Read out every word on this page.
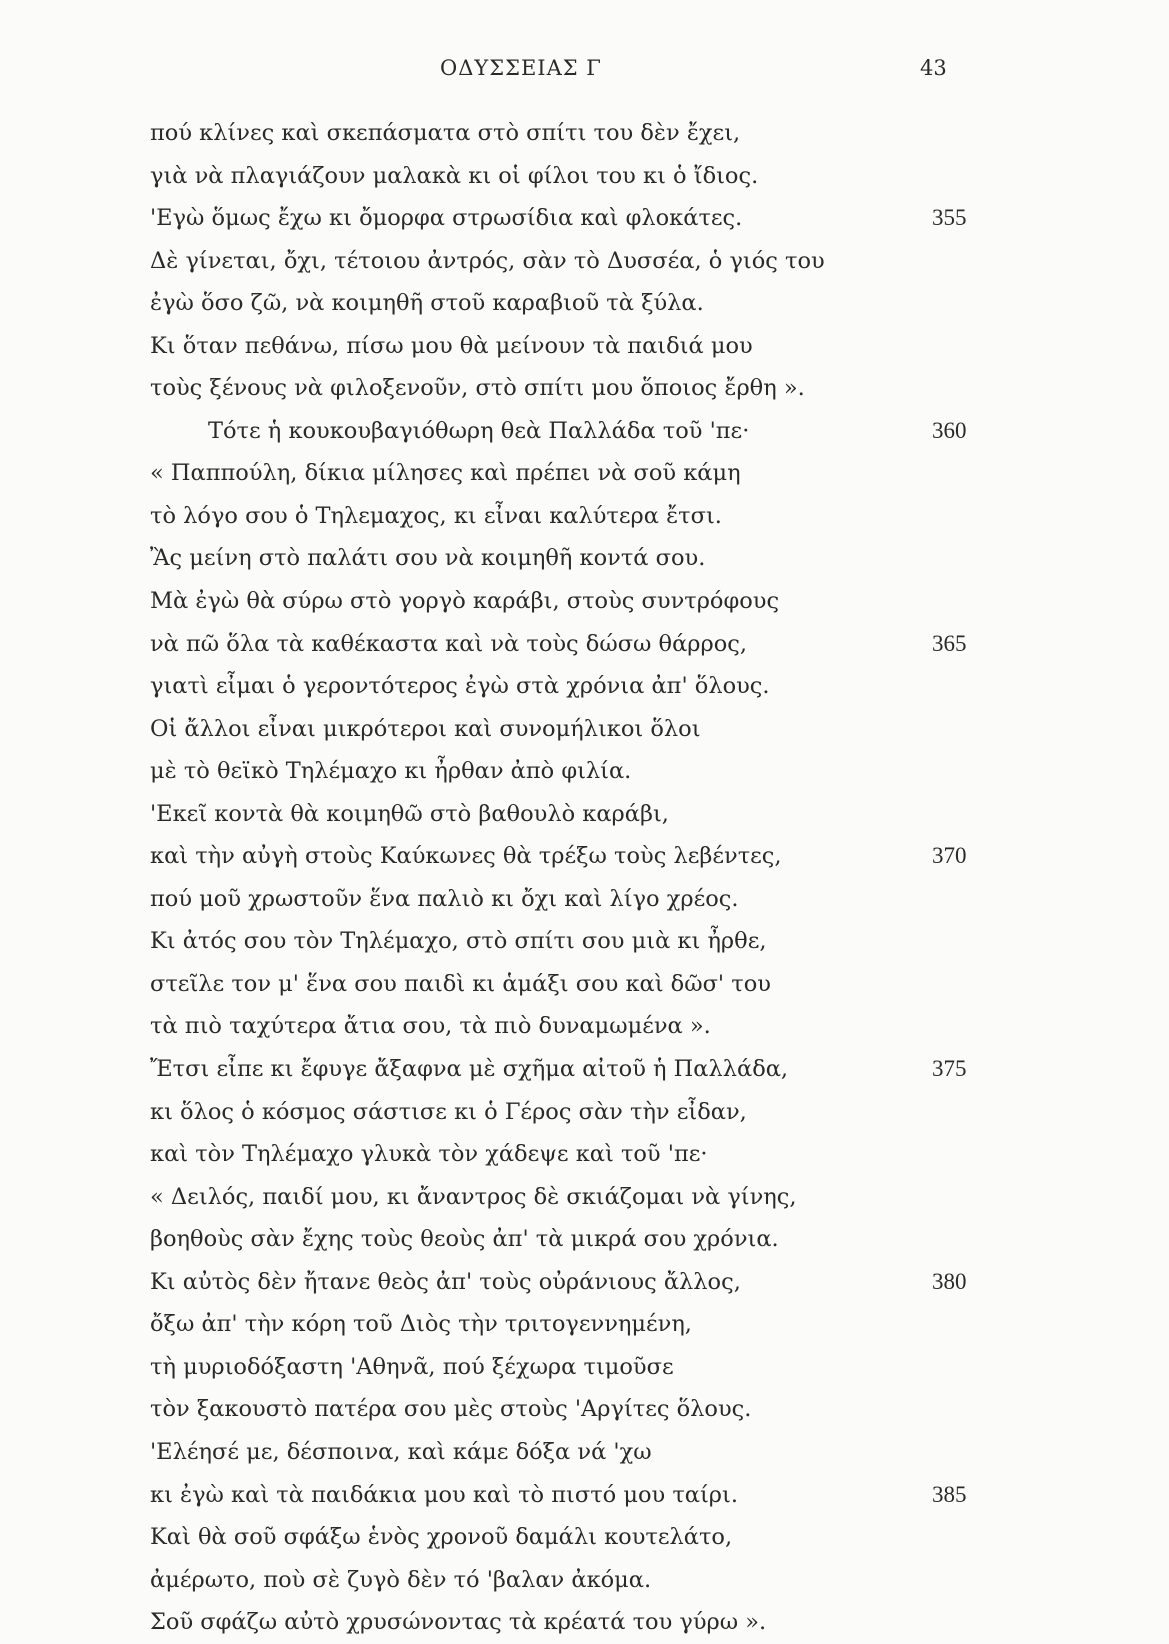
ΟΔΥΣΣΕΙΑΣ Γ	43
πού κλίνες καὶ σκεπάσματα στὸ σπίτι του δὲν ἔχει,
γιὰ νὰ πλαγιάζουν μαλακὰ κι οἱ φίλοι του κι ὁ ἴδιος.
'Εγὼ ὅμως ἔχω κι ὄμορφα στρωσίδια καὶ φλοκάτες.	355
Δὲ γίνεται, ὄχι, τέτοιου ἀντρός, σὰν τὸ Δυσσέα, ὁ γιός του
ἐγὼ ὅσο ζῶ, νὰ κοιμηθῆ στοῦ καραβιοῦ τὰ ξύλα.
Κι ὅταν πεθάνω, πίσω μου θὰ μείνουν τὰ παιδιά μου
τοὺς ξένους νὰ φιλοξενοῦν, στὸ σπίτι μου ὅποιος ἔρθη ».
Τότε ἡ κουκουβαγιόθωρη θεὰ Παλλάδα τοῦ 'πε·	360
« Παππούλη, δίκια μίλησες καὶ πρέπει νὰ σοῦ κάμη
τὸ λόγο σου ὁ Τηλεμαχος, κι εἶναι καλύτερα ἔτσι.
Ἂς μείνη στὸ παλάτι σου νὰ κοιμηθῆ κοντά σου.
Μὰ ἐγὼ θὰ σύρω στὸ γοργὸ καράβι, στοὺς συντρόφους
νὰ πῶ ὅλα τὰ καθέκαστα καὶ νὰ τοὺς δώσω θάρρος,	365
γιατὶ εἶμαι ὁ γεροντότερος ἐγὼ στὰ χρόνια ἀπ' ὅλους.
Οἱ ἄλλοι εἶναι μικρότεροι καὶ συνομήλικοι ὅλοι
μὲ τὸ θεϊκὸ Τηλέμαχο κι ἦρθαν ἀπὸ φιλία.
'Εκεῖ κοντὰ θὰ κοιμηθῶ στὸ βαθουλὸ καράβι,
καὶ τὴν αὐγὴ στοὺς Καύκωνες θὰ τρέξω τοὺς λεβέντες,	370
πού μοῦ χρωστοῦν ἕνα παλιὸ κι ὄχι καὶ λίγο χρέος.
Κι ἀτός σου τὸν Τηλέμαχο, στὸ σπίτι σου μιὰ κι ἦρθε,
στεῖλε τον μ' ἕνα σου παιδὶ κι ἁμάξι σου καὶ δῶσ' του
τὰ πιὸ ταχύτερα ἄτια σου, τὰ πιὸ δυναμωμένα ».
Ἔτσι εἶπε κι ἔφυγε ἄξαφνα μὲ σχῆμα αἰτοῦ ἡ Παλλάδα,	375
κι ὅλος ὁ κόσμος σάστισε κι ὁ Γέρος σὰν τὴν εἶδαν,
καὶ τὸν Τηλέμαχο γλυκὰ τὸν χάδεψε καὶ τοῦ 'πε·
« Δειλός, παιδί μου, κι ἄναντρος δὲ σκιάζομαι νὰ γίνης,
βοηθοὺς σὰν ἔχης τοὺς θεοὺς ἀπ' τὰ μικρά σου χρόνια.
Κι αὐτὸς δὲν ἤτανε θεὸς ἀπ' τοὺς οὐράνιους ἄλλος,	380
ὄξω ἀπ' τὴν κόρη τοῦ Διὸς τὴν τριτογεννημένη,
τὴ μυριοδόξαστη 'Αθηνᾶ, πού ξέχωρα τιμοῦσε
τὸν ξακουστὸ πατέρα σου μὲς στοὺς 'Αργίτες ὅλους.
'Ελέησέ με, δέσποινα, καὶ κάμε δόξα νά 'χω
κι ἐγὼ καὶ τὰ παιδάκια μου καὶ τὸ πιστό μου ταίρι.	385
Καὶ θὰ σοῦ σφάξω ἑνὸς χρονοῦ δαμάλι κουτελάτο,
ἀμέρωτο, ποὺ σὲ ζυγὸ δὲν τό 'βαλαν ἀκόμα.
Σοῦ σφάζω αὐτὸ χρυσώνοντας τὰ κρέατά του γύρω ».
